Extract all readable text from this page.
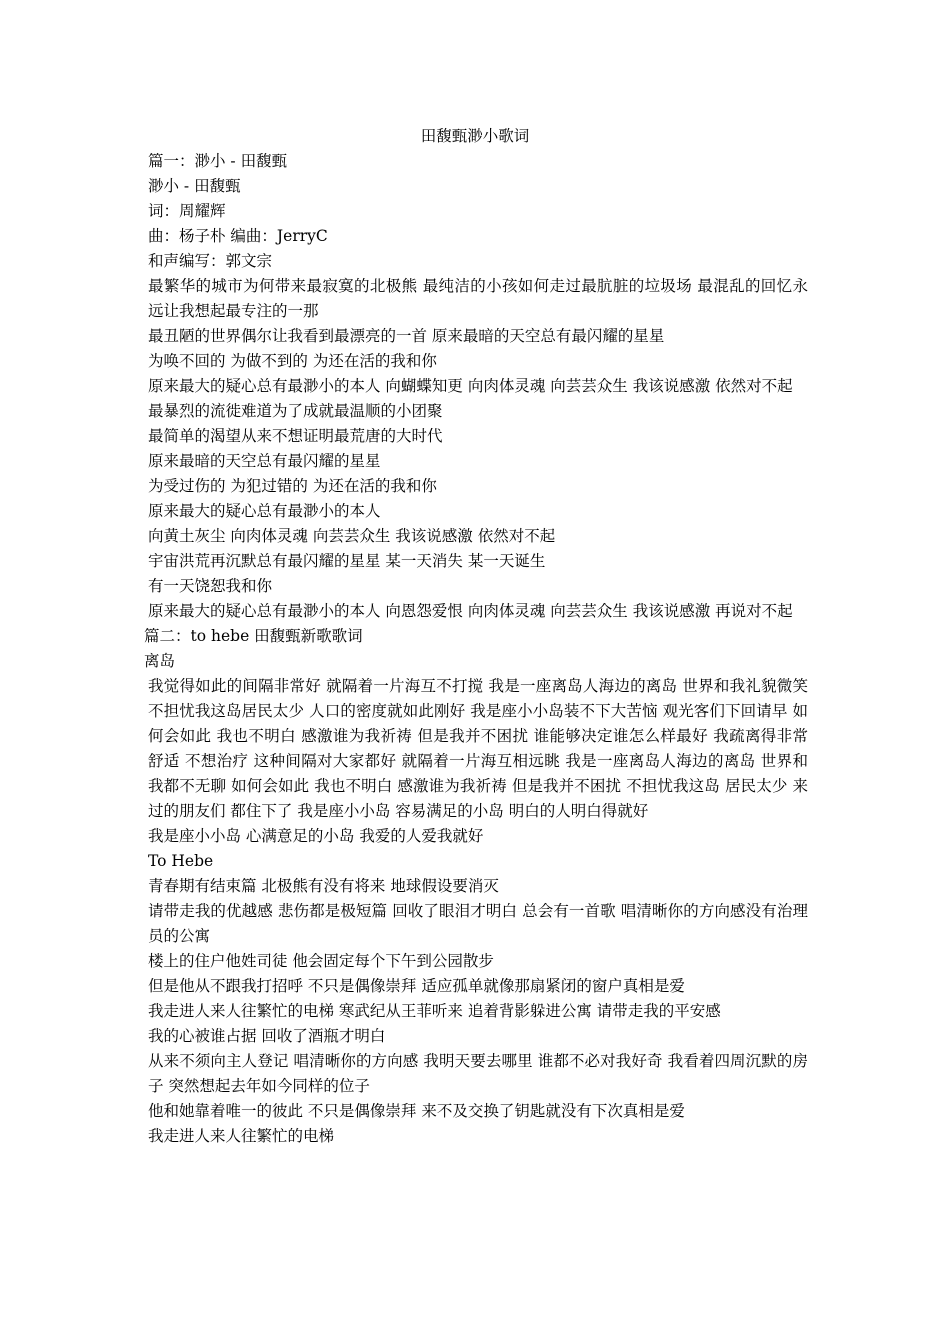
田馥甄渺小歌词

篇一：渺小 - 田馥甄

渺小 - 田馥甄

词：周耀辉

曲：杨子朴 编曲：JerryC

和声编写：郭文宗

最繁华的城市为何带来最寂寞的北极熊 最纯洁的小孩如何走过最肮脏的垃圾场 最混乱的回忆永远让我想起最专注的一那

最丑陋的世界偶尔让我看到最漂亮的一首 原来最暗的天空总有最闪耀的星星

为唤不回的 为做不到的 为还在活的我和你

原来最大的疑心总有最渺小的本人 向蝴蝶知更 向肉体灵魂 向芸芸众生 我该说感激 依然对不起

最暴烈的流徙难道为了成就最温顺的小团聚

最简单的渴望从来不想证明最荒唐的大时代

原来最暗的天空总有最闪耀的星星

为受过伤的 为犯过错的 为还在活的我和你

原来最大的疑心总有最渺小的本人

向黄土灰尘 向肉体灵魂 向芸芸众生 我该说感激 依然对不起

宇宙洪荒再沉默总有最闪耀的星星 某一天消失 某一天诞生

有一天饶恕我和你

原来最大的疑心总有最渺小的本人 向恩怨爱恨 向肉体灵魂 向芸芸众生 我该说感激 再说对不起

篇二：to hebe 田馥甄新歌歌词

离岛

我觉得如此的间隔非常好 就隔着一片海互不打搅 我是一座离岛人海边的离岛 世界和我礼貌微笑 不担忧我这岛居民太少 人口的密度就如此刚好 我是座小小岛装不下大苦恼 观光客们下回请早 如何会如此 我也不明白 感激谁为我祈祷 但是我并不困扰 谁能够决定谁怎么样最好 我疏离得非常舒适 不想治疗 这种间隔对大家都好 就隔着一片海互相远眺 我是一座离岛人海边的离岛 世界和我都不无聊 如何会如此 我也不明白 感激谁为我祈祷 但是我并不困扰 不担忧我这岛 居民太少 来过的朋友们 都住下了 我是座小小岛 容易满足的小岛 明白的人明白得就好

我是座小小岛 心满意足的小岛 我爱的人爱我就好

To Hebe

青春期有结束篇 北极熊有没有将来 地球假设要消灭

请带走我的优越感 悲伤都是极短篇 回收了眼泪才明白 总会有一首歌 唱清晰你的方向感没有治理员的公寓

楼上的住户他姓司徒 他会固定每个下午到公园散步

但是他从不跟我打招呼 不只是偶像崇拜 适应孤单就像那扇紧闭的窗户真相是爱

我走进人来人往繁忙的电梯 寒武纪从王菲听来 追着背影躲进公寓 请带走我的平安感

我的心被谁占据 回收了酒瓶才明白

从来不须向主人登记 唱清晰你的方向感 我明天要去哪里 谁都不必对我好奇 我看着四周沉默的房子 突然想起去年如今同样的位子

他和她靠着唯一的彼此 不只是偶像崇拜 来不及交换了钥匙就没有下次真相是爱

我走进人来人往繁忙的电梯
